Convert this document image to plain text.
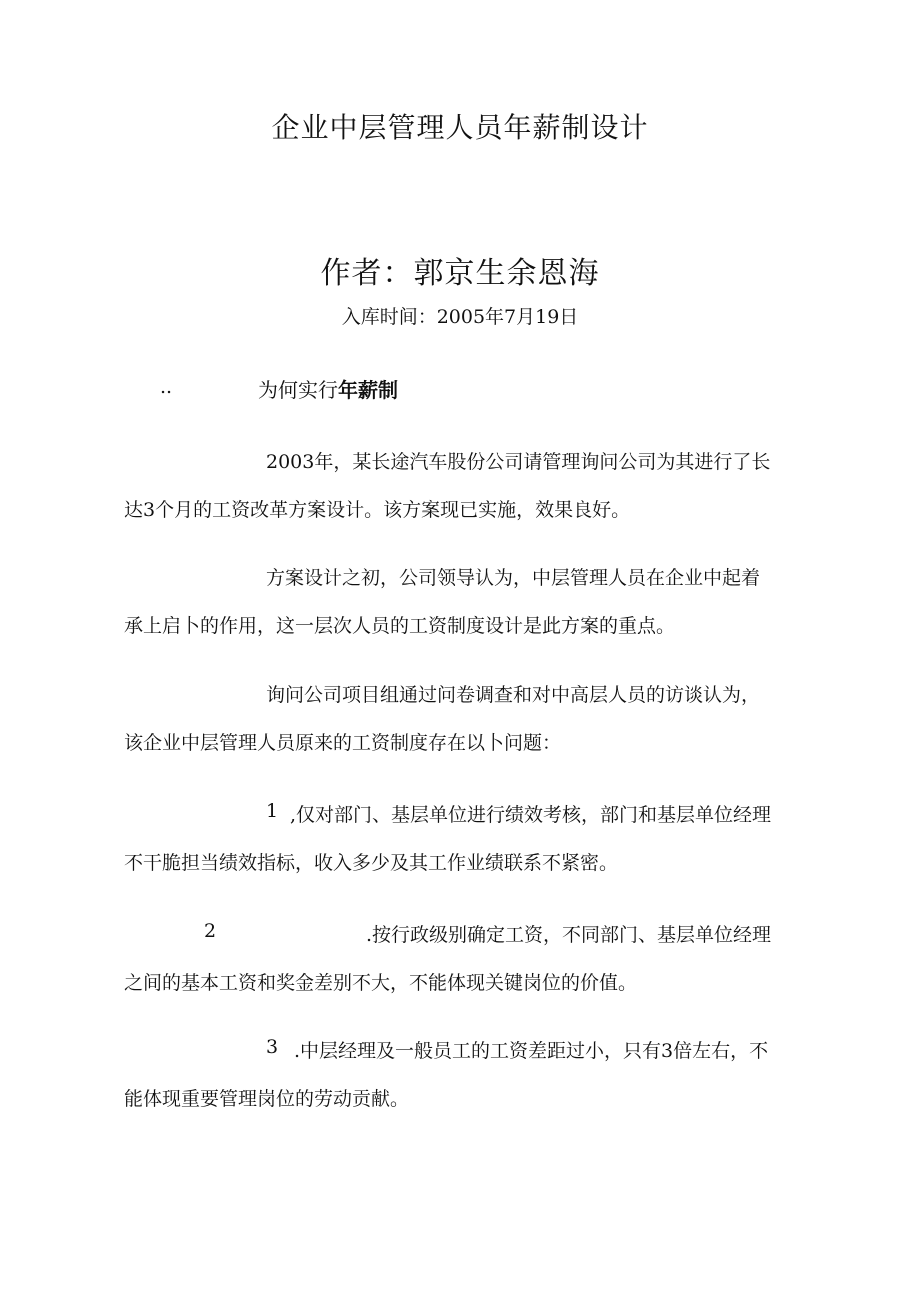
企业中层管理人员年薪制设计
作者：郭京生余恩海
入库时间：2005年7月19日
..	为何实行年薪制
2003年，某长途汽车股份公司请管理询问公司为其进行了长
达3个月的工资改革方案设计。该方案现已实施，效果良好。
方案设计之初，公司领导认为，中层管理人员在企业中起着
承上启卜的作用，这一层次人员的工资制度设计是此方案的重点。
询问公司项目组通过问卷调查和对中高层人员的访谈认为，
该企业中层管理人员原来的工资制度存在以卜问题：
1 ,仅对部门、基层单位进行绩效考核，部门和基层单位经理
不干脆担当绩效指标，收入多少及其工作业绩联系不紧密。
2	.按行政级别确定工资，不同部门、基层单位经理
之间的基本工资和奖金差别不大，不能体现关键岗位的价值。
3 .中层经理及一般员工的工资差距过小，只有3倍左右，不
能体现重要管理岗位的劳动贡献。
